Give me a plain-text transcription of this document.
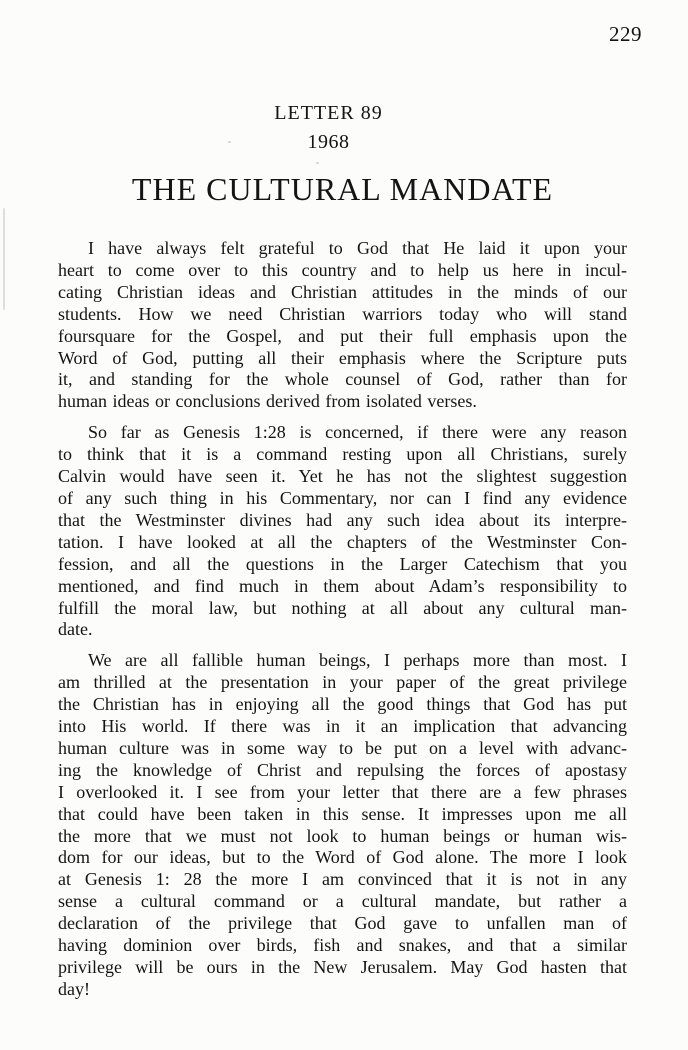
229
LETTER 89
1968
THE CULTURAL MANDATE
I have always felt grateful to God that He laid it upon your
heart to come over to this country and to help us here in incul-
cating Christian ideas and Christian attitudes in the minds of our
students. How we need Christian warriors today who will stand
foursquare for the Gospel, and put their full emphasis upon the
Word of God, putting all their emphasis where the Scripture puts
it, and standing for the whole counsel of God, rather than for
human ideas or conclusions derived from isolated verses.
So far as Genesis 1:28 is concerned, if there were any reason
to think that it is a command resting upon all Christians, surely
Calvin would have seen it. Yet he has not the slightest suggestion
of any such thing in his Commentary, nor can I find any evidence
that the Westminster divines had any such idea about its interpre-
tation. I have looked at all the chapters of the Westminster Con-
fession, and all the questions in the Larger Catechism that you
mentioned, and find much in them about Adam’s responsibility to
fulfill the moral law, but nothing at all about any cultural man-
date.
We are all fallible human beings, I perhaps more than most. I
am thrilled at the presentation in your paper of the great privilege
the Christian has in enjoying all the good things that God has put
into His world. If there was in it an implication that advancing
human culture was in some way to be put on a level with advanc-
ing the knowledge of Christ and repulsing the forces of apostasy
I overlooked it. I see from your letter that there are a few phrases
that could have been taken in this sense. It impresses upon me all
the more that we must not look to human beings or human wis-
dom for our ideas, but to the Word of God alone. The more I look
at Genesis 1: 28 the more I am convinced that it is not in any
sense a cultural command or a cultural mandate, but rather a
declaration of the privilege that God gave to unfallen man of
having dominion over birds, fish and snakes, and that a similar
privilege will be ours in the New Jerusalem. May God hasten that
day!
